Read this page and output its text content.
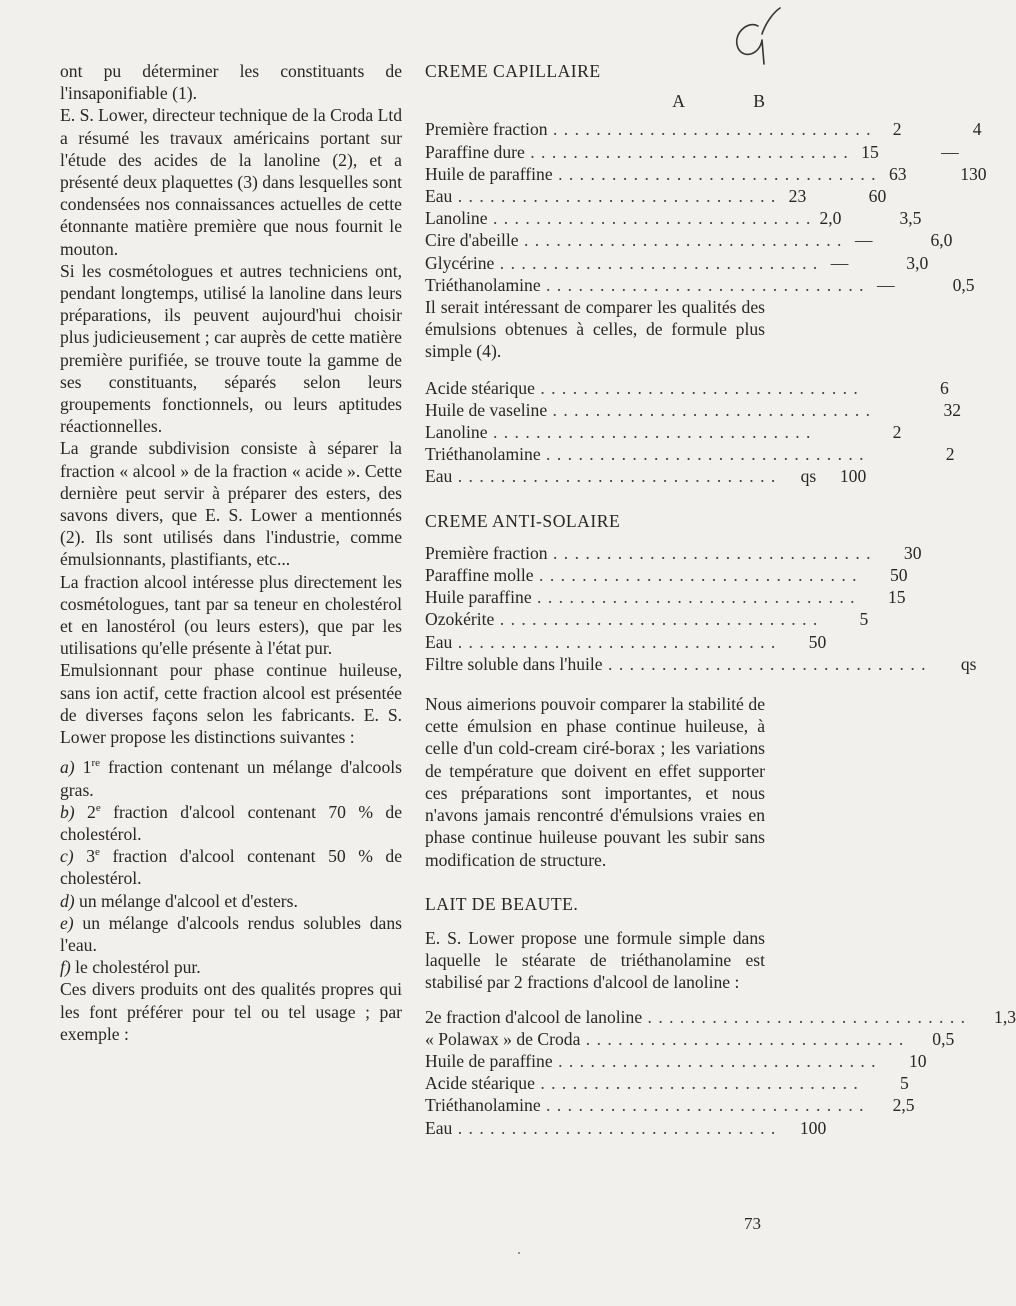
ont pu déterminer les constituants de l'insaponifiable (1).

E. S. Lower, directeur technique de la Croda Ltd a résumé les travaux américains portant sur l'étude des acides de la lanoline (2), et a présenté deux plaquettes (3) dans lesquelles sont condensées nos connaissances actuelles de cette étonnante matière première que nous fournit le mouton.

Si les cosmétologues et autres techniciens ont, pendant longtemps, utilisé la lanoline dans leurs préparations, ils peuvent aujourd'hui choisir plus judicieusement ; car auprès de cette matière première purifiée, se trouve toute la gamme de ses constituants, séparés selon leurs groupements fonctionnels, ou leurs aptitudes réactionnelles.

La grande subdivision consiste à séparer la fraction « alcool » de la fraction « acide ». Cette dernière peut servir à préparer des esters, des savons divers, que E. S. Lower a mentionnés (2). Ils sont utilisés dans l'industrie, comme émulsionnants, plastifiants, etc...

La fraction alcool intéresse plus directement les cosmétologues, tant par sa teneur en cholestérol et en lanostérol (ou leurs esters), que par les utilisations qu'elle présente à l'état pur.

Emulsionnant pour phase continue huileuse, sans ion actif, cette fraction alcool est présentée de diverses façons selon les fabricants. E. S. Lower propose les distinctions suivantes :

a) 1re fraction contenant un mélange d'alcools gras.

b) 2e fraction d'alcool contenant 70 % de cholestérol.

c) 3e fraction d'alcool contenant 50 % de cholestérol.

d) un mélange d'alcool et d'esters.

e) un mélange d'alcools rendus solubles dans l'eau.

f) le cholestérol pur.

Ces divers produits ont des qualités propres qui les font préférer pour tel ou tel usage ; par exemple :

CREME CAPILLAIRE
A	B
Première fraction . . . . . . . . . . . . . . . . . . . . . . . . . . . . . .	2	4
Paraffine dure . . . . . . . . . . . . . . . . . . . . . . . . . . . . . . 15	—
Huile de paraffine . . . . . . . . . . . . . . . . . . . . . . . . . . . . . . 63	130
Eau . . . . . . . . . . . . . . . . . . . . . . . . . . . . . . 23	60
Lanoline . . . . . . . . . . . . . . . . . . . . . . . . . . . . . . 2,0	3,5
Cire d'abeille . . . . . . . . . . . . . . . . . . . . . . . . . . . . . . —	6,0
Glycérine . . . . . . . . . . . . . . . . . . . . . . . . . . . . . . —	3,0
Triéthanolamine . . . . . . . . . . . . . . . . . . . . . . . . . . . . . . —	0,5

Il serait intéressant de comparer les qualités des émulsions obtenues à celles, de formule plus simple (4).

Acide stéarique . . . . . . . . . . . . . . . . . . . . . . . . . . . . . .	6
Huile de vaseline . . . . . . . . . . . . . . . . . . . . . . . . . . . . . .	32
Lanoline . . . . . . . . . . . . . . . . . . . . . . . . . . . . . .	2
Triéthanolamine . . . . . . . . . . . . . . . . . . . . . . . . . . . . . .	2
Eau . . . . . . . . . . . . . . . . . . . . . . . . . . . . . .	qs	100
CREME ANTI-SOLAIRE
Première fraction . . . . . . . . . . . . . . . . . . . . . . . . . . . . . .	30
Paraffine molle . . . . . . . . . . . . . . . . . . . . . . . . . . . . . .	50
Huile paraffine . . . . . . . . . . . . . . . . . . . . . . . . . . . . . .	15
Ozokérite . . . . . . . . . . . . . . . . . . . . . . . . . . . . . .	5
Eau . . . . . . . . . . . . . . . . . . . . . . . . . . . . . .	50
Filtre soluble dans l'huile . . . . . . . . . . . . . . . . . . . . . . . . . . . . . .	qs

Nous aimerions pouvoir comparer la stabilité de cette émulsion en phase continue huileuse, à celle d'un cold-cream ciré-borax ; les variations de température que doivent en effet supporter ces préparations sont importantes, et nous n'avons jamais rencontré d'émulsions vraies en phase continue huileuse pouvant les subir sans modification de structure.

LAIT DE BEAUTE.

E. S. Lower propose une formule simple dans laquelle le stéarate de triéthanolamine est stabilisé par 2 fractions d'alcool de lanoline :

2e fraction d'alcool de lanoline . . . . . . . . . . . . . . . . . . . . . . . . . . . . . .	1,3
« Polawax » de Croda . . . . . . . . . . . . . . . . . . . . . . . . . . . . . .	0,5
Huile de paraffine . . . . . . . . . . . . . . . . . . . . . . . . . . . . . .	10
Acide stéarique . . . . . . . . . . . . . . . . . . . . . . . . . . . . . .	5
Triéthanolamine . . . . . . . . . . . . . . . . . . . . . . . . . . . . . .	2,5
Eau . . . . . . . . . . . . . . . . . . . . . . . . . . . . . .	100
73
